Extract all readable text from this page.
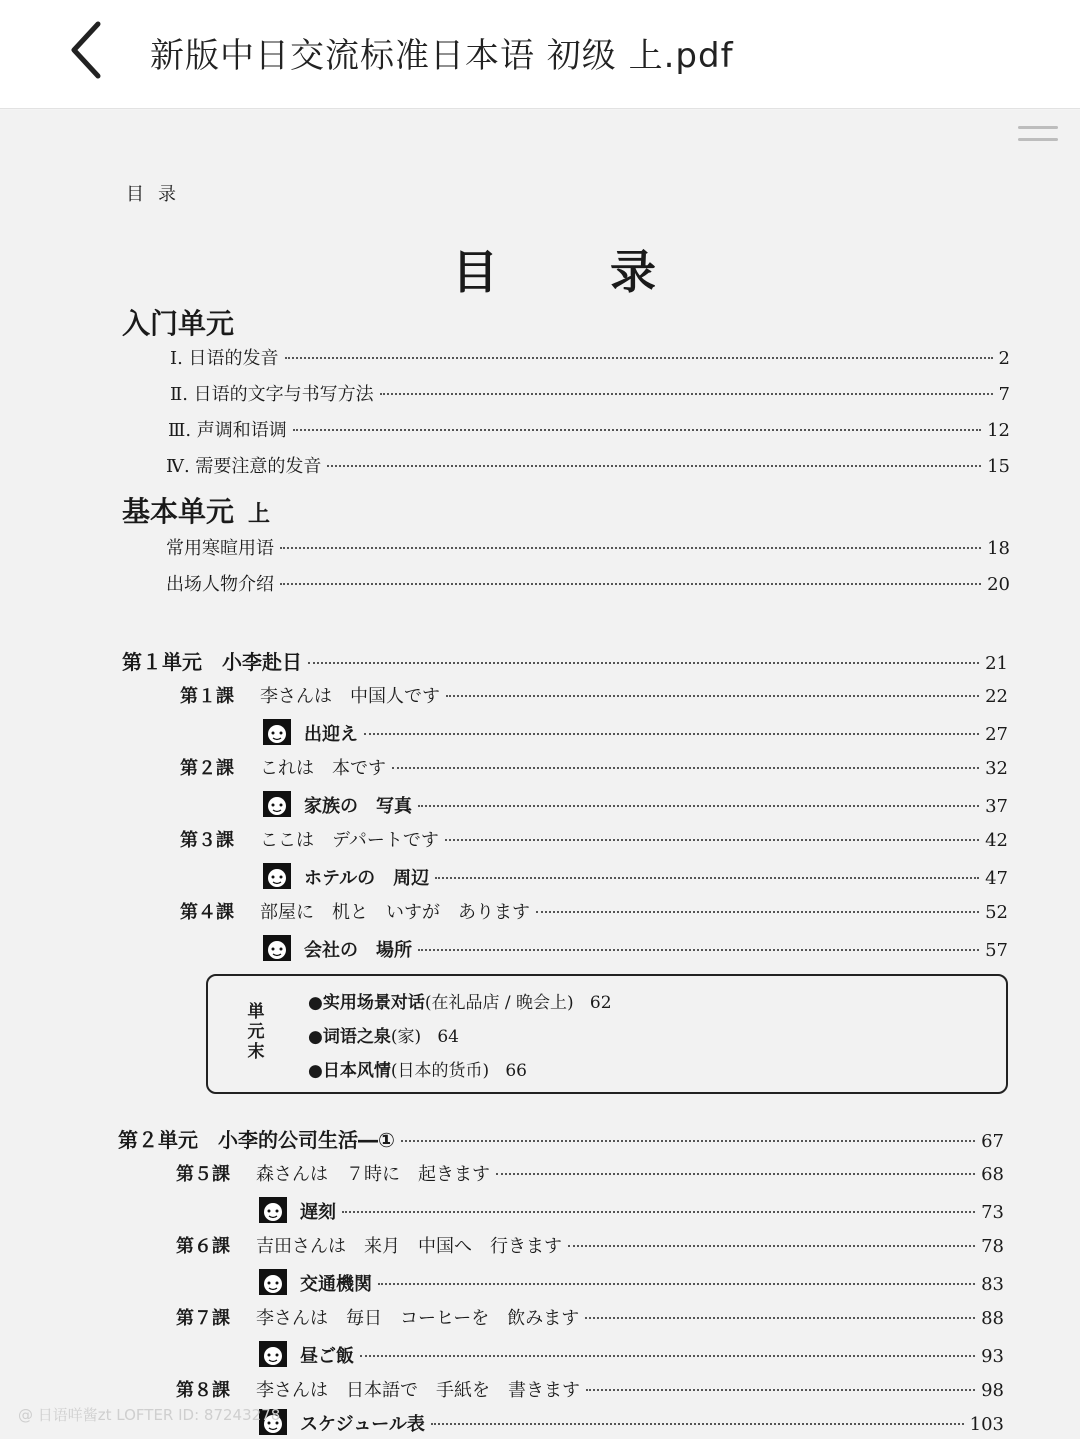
新版中日交流标准日本语 初级 上.pdf
目录
目 录
入门单元
Ⅰ. 日语的发音	2
Ⅱ. 日语的文字与书写方法	7
Ⅲ. 声调和语调	12
Ⅳ. 需要注意的发音	15
基本单元 上
常用寒暄用语	18
出场人物介绍	20
第１単元　小李赴日	21
第１課 李さんは　中国人です	22
出迎え	27
第２課 これは　本です	32
家族の　写真	37
第３課 ここは　デパートです	42
ホテルの　周辺	47
第４課 部屋に　机と　いすが　あります	52
会社の　場所	57
単
元
末
●实用场景对话(在礼品店 / 晚会上) 62
●词语之泉(家) 64
●日本风情(日本的货币) 66
第２単元　小李的公司生活―①	67
第５課 森さんは　７時に　起きます	68
遅刻	73
第６課 吉田さんは　来月　中国へ　行きます	78
交通機関	83
第７課 李さんは　毎日　コーヒーを　飲みます	88
昼ご飯	93
第８課 李さんは　日本語で　手紙を　書きます	98
スケジュール表	103
@ 日语咩酱zt LOFTER ID: 87243278
